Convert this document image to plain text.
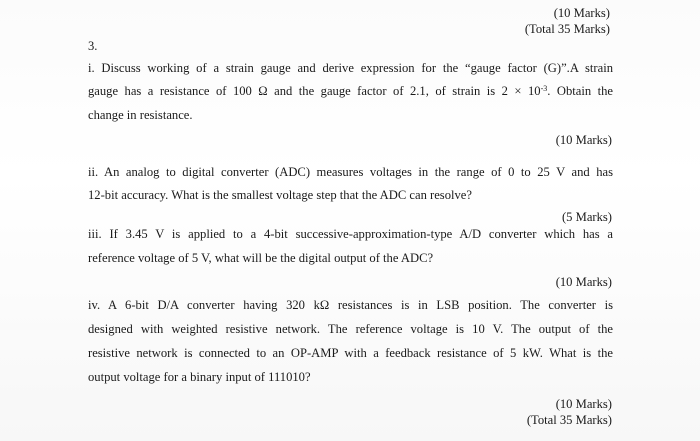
(10 Marks)
(Total 35 Marks)
3.
i. Discuss working of a strain gauge and derive expression for the “gauge factor (G)”.A strain
gauge has a resistance of 100 Ω and the gauge factor of 2.1, of strain is $2 \times 10^{-3}$. Obtain the
change in resistance.
(10 Marks)
ii. An analog to digital converter (ADC) measures voltages in the range of 0 to 25 V and has
12-bit accuracy. What is the smallest voltage step that the ADC can resolve?
(5 Marks)
iii. If 3.45 V is applied to a 4-bit successive-approximation-type A/D converter which has a
reference voltage of 5 V, what will be the digital output of the ADC?
(10 Marks)
iv. A 6-bit D/A converter having 320 kΩ resistances is in LSB position. The converter is
designed with weighted resistive network. The reference voltage is 10 V. The output of the
resistive network is connected to an OP-AMP with a feedback resistance of 5 kW. What is the
output voltage for a binary input of 111010?
(10 Marks)
(Total 35 Marks)
